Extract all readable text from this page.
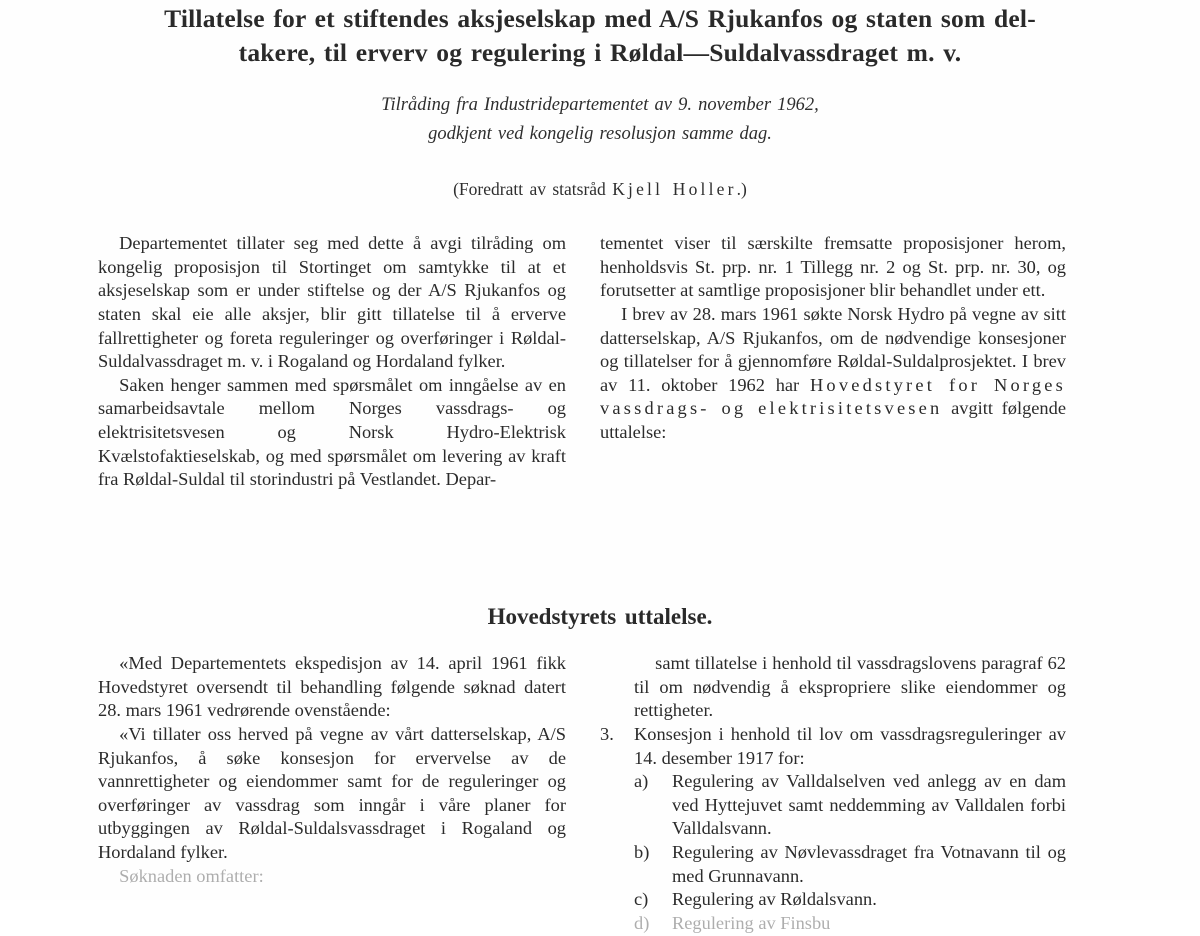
Tillatelse for et stiftendes aksjeselskap med A/S Rjukanfos og staten som del-
takere, til erverv og regulering i Røldal—Suldalvassdraget m. v.
Tilråding fra Industridepartementet av 9. november 1962,
godkjent ved kongelig resolusjon samme dag.
(Foredratt av statsråd Kjell Holler.)

Departementet tillater seg med dette å avgi tilråding om kongelig proposisjon til Stortinget om samtykke til at et aksjeselskap som er under stiftelse og der A/S Rjukanfos og staten skal eie alle aksjer, blir gitt tillatelse til å erverve fallrettigheter og foreta reguleringer og overføringer i Røldal-Suldalvassdraget m. v. i Rogaland og Hordaland fylker.

Saken henger sammen med spørsmålet om inngåelse av en samarbeidsavtale mellom Norges vassdrags- og elektrisitetsvesen og Norsk Hydro-Elektrisk Kvælstofaktieselskab, og med spørsmålet om levering av kraft fra Røldal-Suldal til storindustri på Vestlandet. Depar-

tementet viser til særskilte fremsatte proposisjoner herom, henholdsvis St. prp. nr. 1 Tillegg nr. 2 og St. prp. nr. 30, og forutsetter at samtlige proposisjoner blir behandlet under ett.

I brev av 28. mars 1961 søkte Norsk Hydro på vegne av sitt datterselskap, A/S Rjukanfos, om de nødvendige konsesjoner og tillatelser for å gjennomføre Røldal-Suldalprosjektet. I brev av 11. oktober 1962 har Hovedstyret for Norges vassdrags- og elektrisitetsvesen avgitt følgende uttalelse:

Hovedstyrets uttalelse.

«Med Departementets ekspedisjon av 14. april 1961 fikk Hovedstyret oversendt til behandling følgende søknad datert 28. mars 1961 vedrørende ovenstående:

«Vi tillater oss herved på vegne av vårt datterselskap, A/S Rjukanfos, å søke konsesjon for ervervelse av de vannrettigheter og eiendommer samt for de reguleringer og overføringer av vassdrag som inngår i våre planer for utbyggingen av Røldal-Suldalsvassdraget i Rogaland og Hordaland fylker.

Søknaden omfatter:

samt tillatelse i henhold til vassdragslovens paragraf 62 til om nødvendig å ekspropriere slike eiendommer og rettigheter.

3. Konsesjon i henhold til lov om vassdragsreguleringer av 14. desember 1917 for:
a) Regulering av Valldalselven ved anlegg av en dam ved Hyttejuvet samt neddemming av Valldalen forbi Valldalsvann.
b) Regulering av Nøvlevassdraget fra Votnavann til og med Grunnavann.
c) Regulering av Røldalsvann.
d) Regulering av Finsbu
